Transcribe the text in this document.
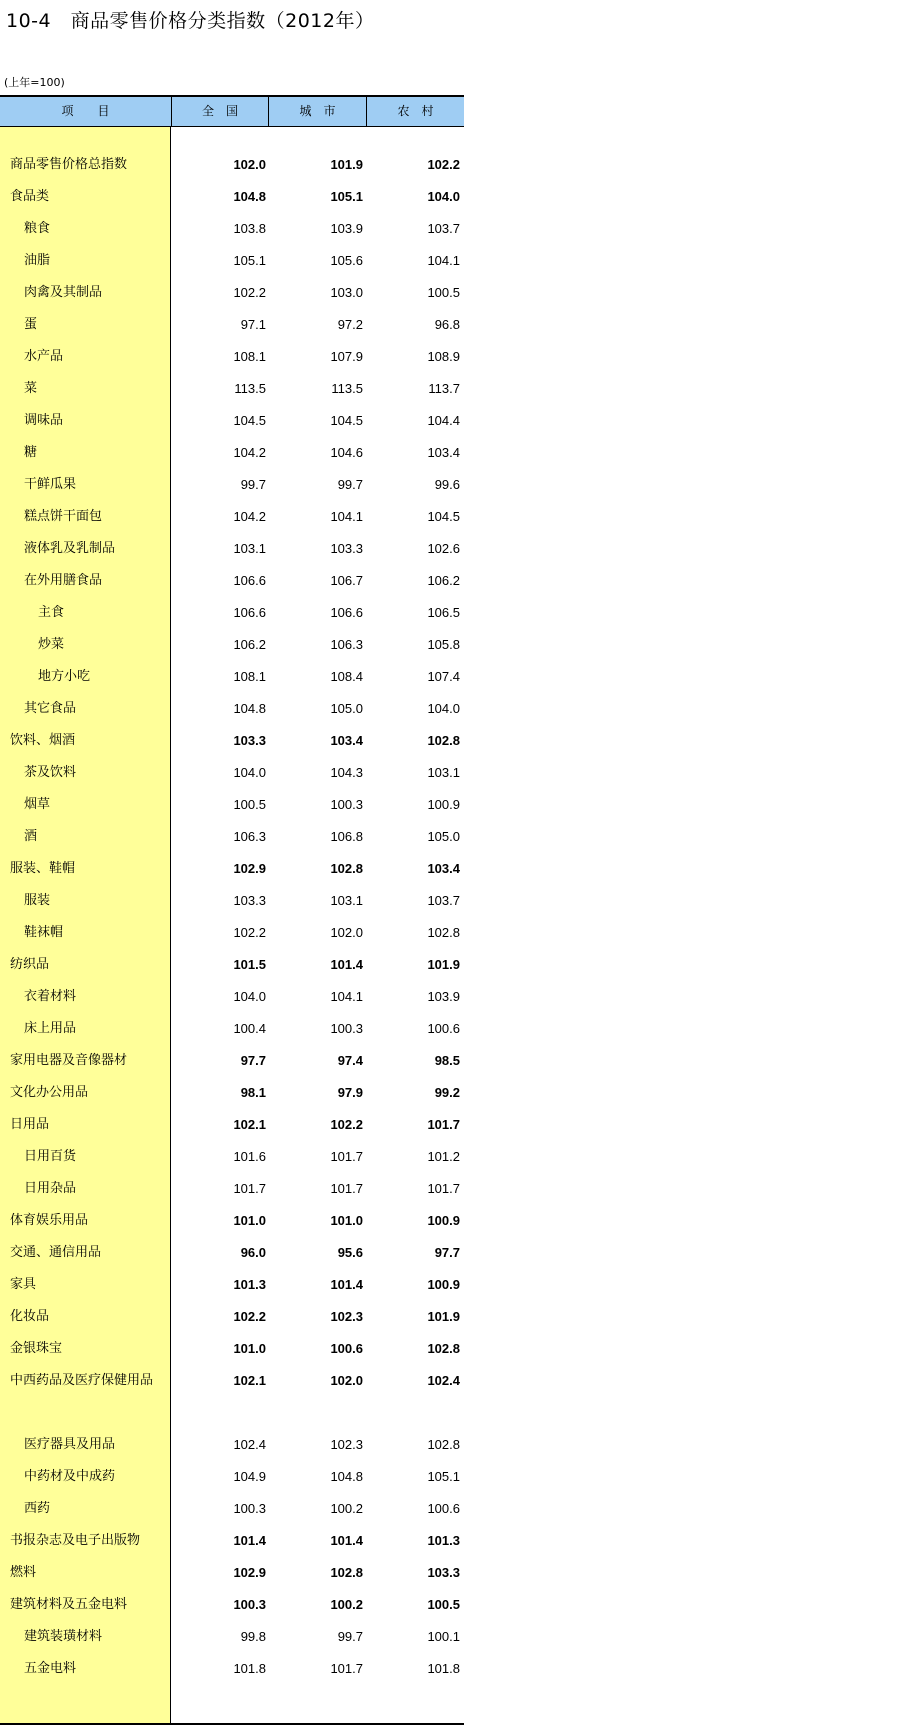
10-4　商品零售价格分类指数（2012年）
(上年=100)
项　　目	全　国	城　市	农　村
商品零售价格总指数	102.0	101.9	102.2
食品类	104.8	105.1	104.0
粮食	103.8	103.9	103.7
油脂	105.1	105.6	104.1
肉禽及其制品	102.2	103.0	100.5
蛋	97.1	97.2	96.8
水产品	108.1	107.9	108.9
菜	113.5	113.5	113.7
调味品	104.5	104.5	104.4
糖	104.2	104.6	103.4
干鲜瓜果	99.7	99.7	99.6
糕点饼干面包	104.2	104.1	104.5
液体乳及乳制品	103.1	103.3	102.6
在外用膳食品	106.6	106.7	106.2
主食	106.6	106.6	106.5
炒菜	106.2	106.3	105.8
地方小吃	108.1	108.4	107.4
其它食品	104.8	105.0	104.0
饮料、烟酒	103.3	103.4	102.8
茶及饮料	104.0	104.3	103.1
烟草	100.5	100.3	100.9
酒	106.3	106.8	105.0
服装、鞋帽	102.9	102.8	103.4
服装	103.3	103.1	103.7
鞋袜帽	102.2	102.0	102.8
纺织品	101.5	101.4	101.9
衣着材料	104.0	104.1	103.9
床上用品	100.4	100.3	100.6
家用电器及音像器材	97.7	97.4	98.5
文化办公用品	98.1	97.9	99.2
日用品	102.1	102.2	101.7
日用百货	101.6	101.7	101.2
日用杂品	101.7	101.7	101.7
体育娱乐用品	101.0	101.0	100.9
交通、通信用品	96.0	95.6	97.7
家具	101.3	101.4	100.9
化妆品	102.2	102.3	101.9
金银珠宝	101.0	100.6	102.8
中西药品及医疗保健用品	102.1	102.0	102.4
医疗器具及用品	102.4	102.3	102.8
中药材及中成药	104.9	104.8	105.1
西药	100.3	100.2	100.6
书报杂志及电子出版物	101.4	101.4	101.3
燃料	102.9	102.8	103.3
建筑材料及五金电料	100.3	100.2	100.5
建筑装璜材料	99.8	99.7	100.1
五金电料	101.8	101.7	101.8
